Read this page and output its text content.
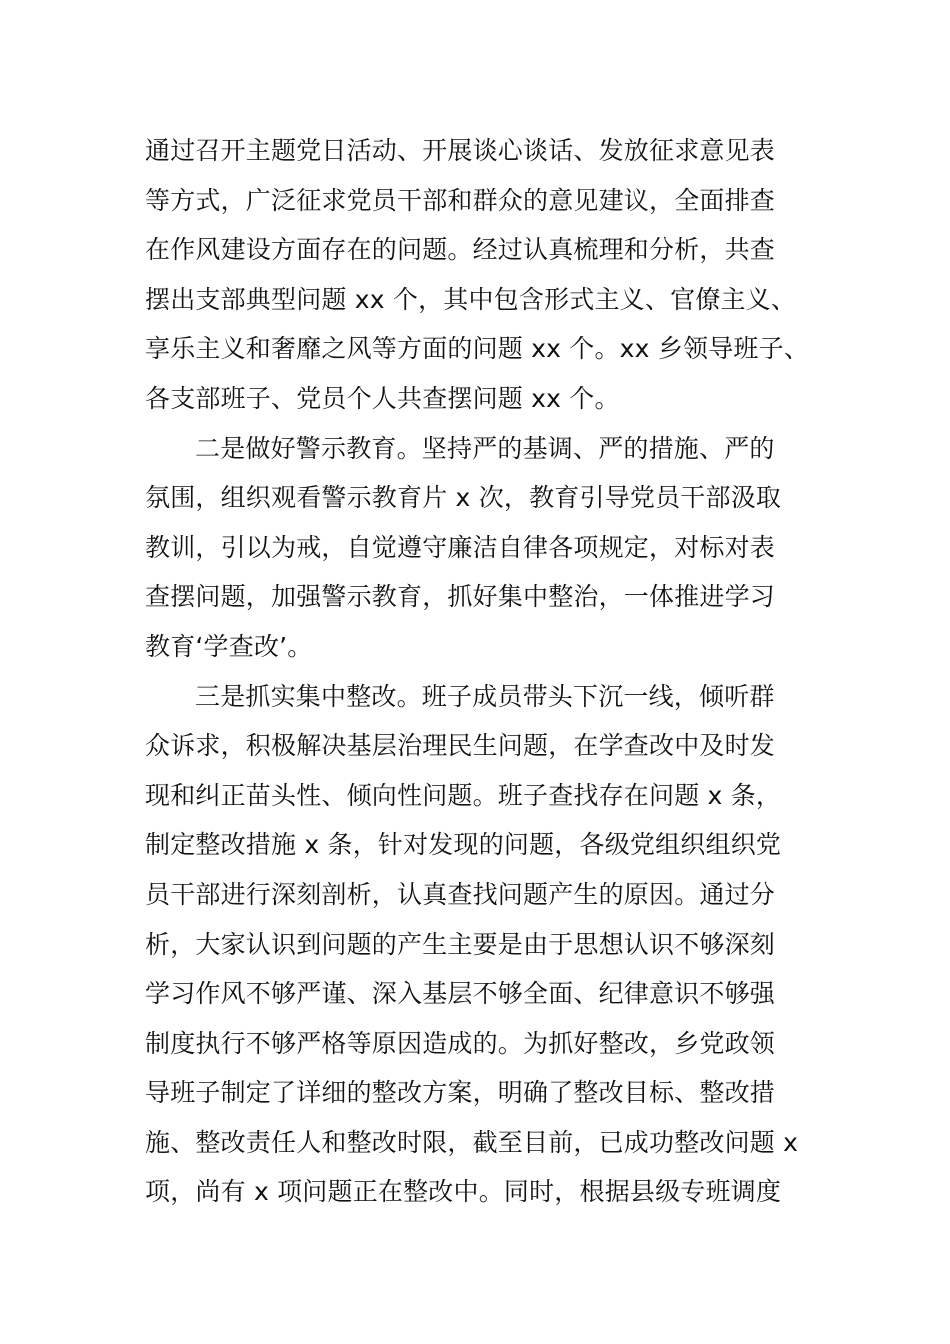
通过召开主题党日活动、开展谈心谈话、发放征求意见表
等方式，广泛征求党员干部和群众的意见建议，全面排查
在作风建设方面存在的问题。经过认真梳理和分析，共查
摆出支部典型问题 xx 个，其中包含形式主义、官僚主义、
享乐主义和奢靡之风等方面的问题 xx 个。xx 乡领导班子、
各支部班子、党员个人共查摆问题 xx 个。
二是做好警示教育。坚持严的基调、严的措施、严的
氛围，组织观看警示教育片 x 次，教育引导党员干部汲取
教训，引以为戒，自觉遵守廉洁自律各项规定，对标对表
查摆问题，加强警示教育，抓好集中整治，一体推进学习
教育‘学查改’。
三是抓实集中整改。班子成员带头下沉一线，倾听群
众诉求，积极解决基层治理民生问题，在学查改中及时发
现和纠正苗头性、倾向性问题。班子查找存在问题 x 条，
制定整改措施 x 条，针对发现的问题，各级党组织组织党
员干部进行深刻剖析，认真查找问题产生的原因。通过分
析，大家认识到问题的产生主要是由于思想认识不够深刻
学习作风不够严谨、深入基层不够全面、纪律意识不够强
制度执行不够严格等原因造成的。为抓好整改，乡党政领
导班子制定了详细的整改方案，明确了整改目标、整改措
施、整改责任人和整改时限，截至目前，已成功整改问题 x
项，尚有 x 项问题正在整改中。同时，根据县级专班调度
